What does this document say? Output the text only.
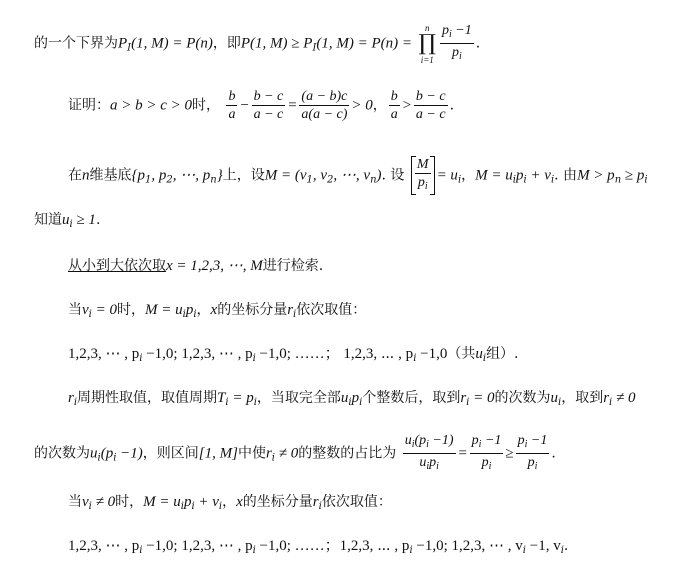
的一个下界为$P_I(1$, M) = P(n)，即P(1, $M) \ge P_I(1$, M) = P(n) =
n
∏
$i=1 \frac{p_i -1}{p_i}$ .
证明：a > b > c > 0时， $\frac{b}{a} - \frac{b - c}{a - c} = \frac{(a - b)c}{a(a - c)} > 0$， $\frac{b}{a} > \frac{b - c}{a - c}$ .
在n维基底{$p_1$, $p_2$, ⋯, $p_n$}上，设$M = (v_1$, $v_2$, ⋯, $v_n$). 设 $\frac{M}{p_i} = u_i$，$M = u_ip_i + v_i$. 由$M > p_n \ge p_i$
知道$u_i \ge 1$.
从小到大依次取x = 1,2,3, ⋯, M进行检索.
当$v_i = 0$时，$M = u_ip_i$，x的坐标分量$r_i$依次取值：
1,2,3, ⋯ , $p_i -1,0$; 1,2,3, ⋯ , $p_i -1,0$; ……； 1,2,3, ⋯ , $p_i -1,0$（共$u_i$组）.
$r_i$周期性取值，取值周期$T_i = p_i$，当取完全部$u_ip_i$个整数后，取到$r_i = 0$的次数为$u_i$，取到$r_i \ne 0$
的次数为$u_i(p_i -1)$，则区间[1, M]中使$r_i \ne 0$的整数的占比为 $\frac{u_i(p_i -1)}{u_ip_i} = \frac{p_i -1}{p_i} \ge \frac{p_i -1}{p_i}$ .
当$v_i \ne 0$时，$M = u_ip_i + v_i$，x的坐标分量$r_i$依次取值：
1,2,3, ⋯ , $p_i -1,0$; 1,2,3, ⋯ , $p_i -1,0$; ……；1,2,3, ⋯ , $p_i -1,0$; 1,2,3, ⋯ , $v_i -1$, $v_i$.
